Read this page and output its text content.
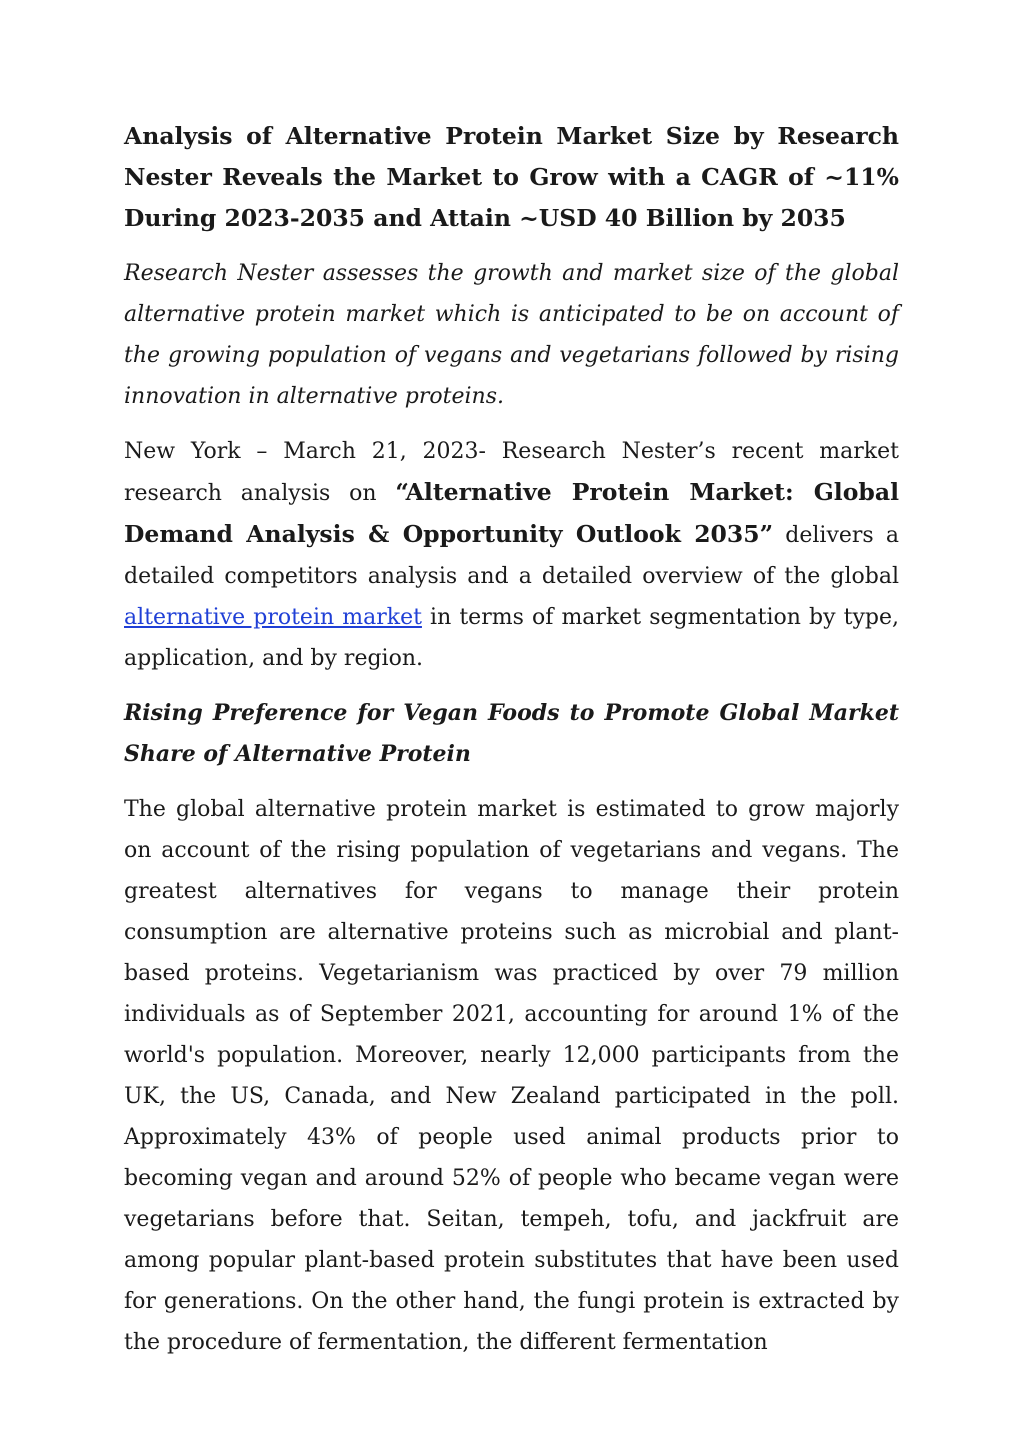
Analysis of Alternative Protein Market Size by Research Nester Reveals the Market to Grow with a CAGR of ~11% During 2023-2035 and Attain ~USD 40 Billion by 2035

Research Nester assesses the growth and market size of the global alternative protein market which is anticipated to be on account of the growing population of vegans and vegetarians followed by rising innovation in alternative proteins.

New York – March 21, 2023- Research Nester’s recent market research analysis on “Alternative Protein Market: Global Demand Analysis & Opportunity Outlook 2035” delivers a detailed competitors analysis and a detailed overview of the global alternative protein market in terms of market segmentation by type, application, and by region.

Rising Preference for Vegan Foods to Promote Global Market Share of Alternative Protein

The global alternative protein market is estimated to grow majorly on account of the rising population of vegetarians and vegans. The greatest alternatives for vegans to manage their protein consumption are alternative proteins such as microbial and plant-based proteins. Vegetarianism was practiced by over 79 million individuals as of September 2021, accounting for around 1% of the world's population. Moreover, nearly 12,000 participants from the UK, the US, Canada, and New Zealand participated in the poll. Approximately 43% of people used animal products prior to becoming vegan and around 52% of people who became vegan were vegetarians before that. Seitan, tempeh, tofu, and jackfruit are among popular plant-based protein substitutes that have been used for generations. On the other hand, the fungi protein is extracted by the procedure of fermentation, the different fermentation
